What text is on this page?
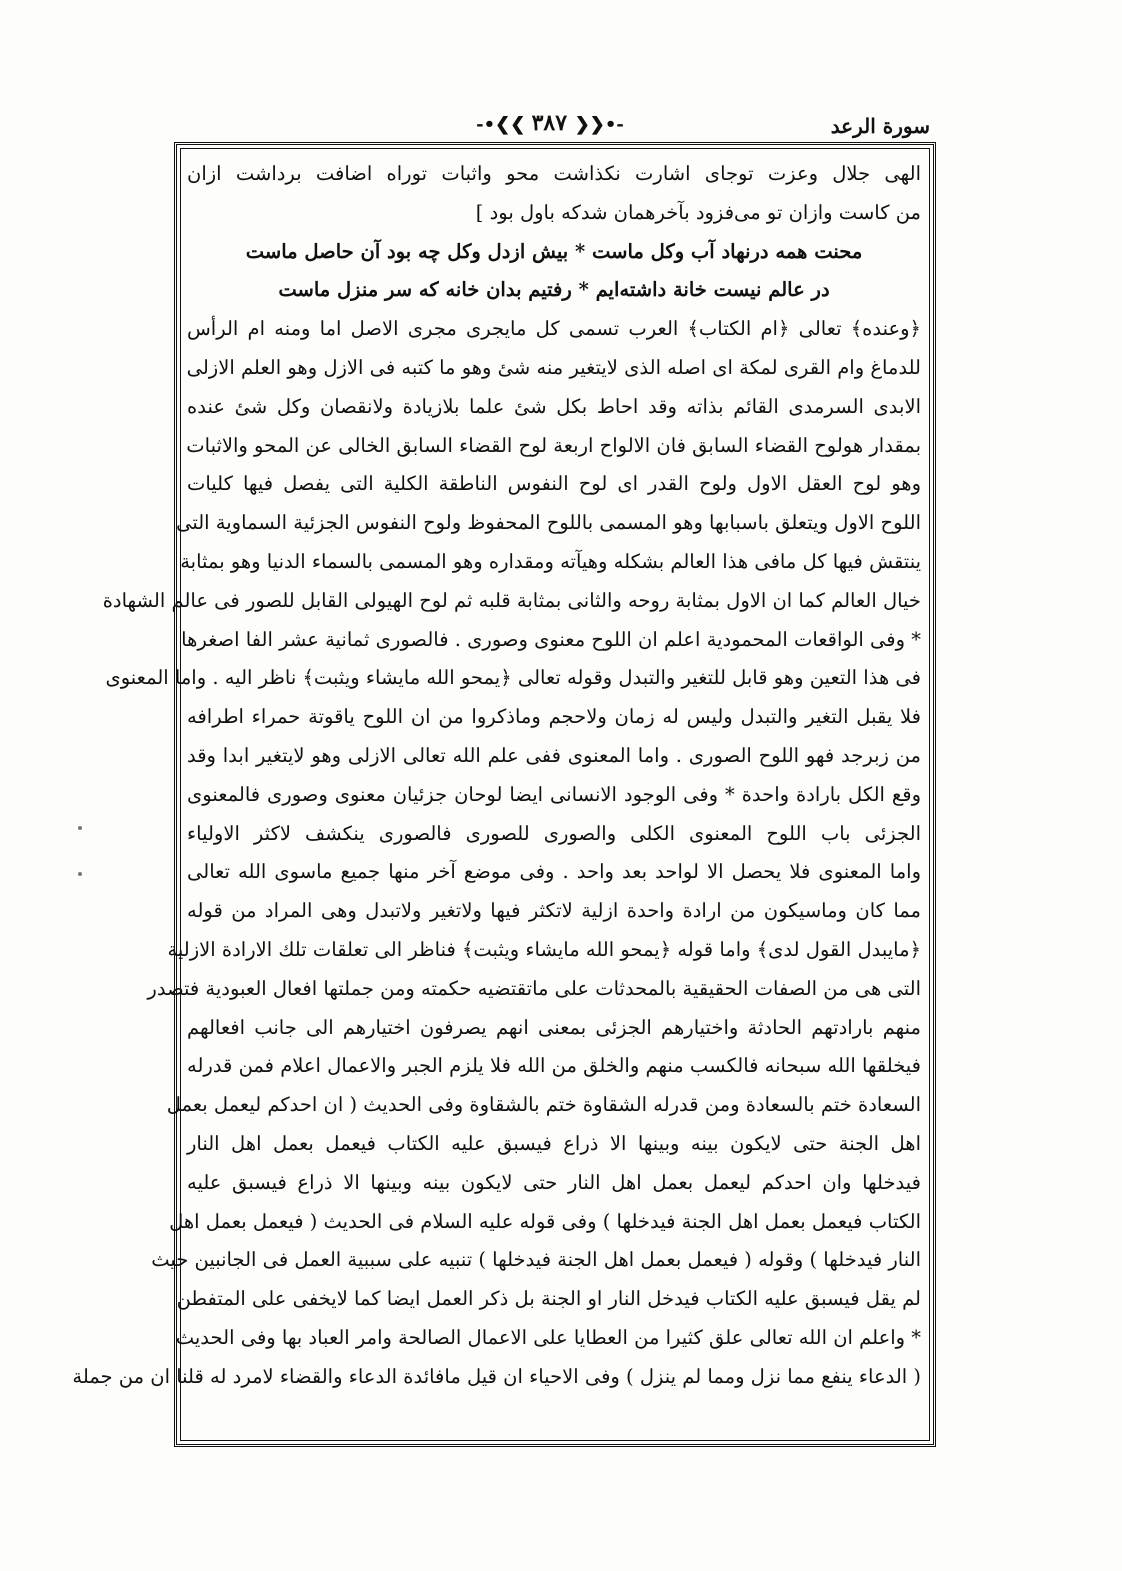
سورة الرعد
-•❮❮ ٣٨٧ ❯❯•-
الهى جلال وعزت توجاى اشارت نكذاشت محو واثبات توراه اضافت برداشت ازان
من كاست وازان تو مى‌فزود بآخرهمان شدكه باول بود ]
محنت همه درنهاد آب وكل ماست * بيش ازدل وكل چه بود آن حاصل ماست
در عالم نيست خانة داشته‌ايم * رفتيم بدان خانه كه سر منزل ماست
﴿وعنده﴾ تعالى ﴿ام الكتاب﴾ العرب تسمى كل مايجرى مجرى الاصل اما ومنه ام الرأس
للدماغ وام القرى لمكة اى اصله الذى لايتغير منه شئ وهو ما كتبه فى الازل وهو العلم الازلى
الابدى السرمدى القائم بذاته وقد احاط بكل شئ علما بلازيادة ولانقصان وكل شئ عنده
بمقدار هولوح القضاء السابق فان الالواح اربعة لوح القضاء السابق الخالى عن المحو والاثبات
وهو لوح العقل الاول ولوح القدر اى لوح النفوس الناطقة الكلية التى يفصل فيها كليات
اللوح الاول ويتعلق باسبابها وهو المسمى باللوح المحفوظ ولوح النفوس الجزئية السماوية التى
ينتقش فيها كل مافى هذا العالم بشكله وهيآته ومقداره وهو المسمى بالسماء الدنيا وهو بمثابة
خيال العالم كما ان الاول بمثابة روحه والثانى بمثابة قلبه ثم لوح الهيولى القابل للصور فى عالم الشهادة
* وفى الواقعات المحمودية اعلم ان اللوح معنوى وصورى . فالصورى ثمانية عشر الفا اصغرها
فى هذا التعين وهو قابل للتغير والتبدل وقوله تعالى ﴿يمحو الله مايشاء ويثبت﴾ ناظر اليه . واما المعنوى
فلا يقبل التغير والتبدل وليس له زمان ولاحجم وماذكروا من ان اللوح ياقوتة حمراء اطرافه
من زبرجد فهو اللوح الصورى . واما المعنوى ففى علم الله تعالى الازلى وهو لايتغير ابدا وقد
وقع الكل بارادة واحدة * وفى الوجود الانسانى ايضا لوحان جزئيان معنوى وصورى فالمعنوى
الجزئى باب اللوح المعنوى الكلى والصورى للصورى فالصورى ينكشف لاكثر الاولياء
واما المعنوى فلا يحصل الا لواحد بعد واحد . وفى موضع آخر منها جميع ماسوى الله تعالى
مما كان وماسيكون من ارادة واحدة ازلية لاتكثر فيها ولاتغير ولاتبدل وهى المراد من قوله
﴿مايبدل القول لدى﴾ واما قوله ﴿يمحو الله مايشاء ويثبت﴾ فناظر الى تعلقات تلك الارادة الازلية
التى هى من الصفات الحقيقية بالمحدثات على ماتقتضيه حكمته ومن جملتها افعال العبودية فتصدر
منهم بارادتهم الحادثة واختيارهم الجزئى بمعنى انهم يصرفون اختيارهم الى جانب افعالهم
فيخلقها الله سبحانه فالكسب منهم والخلق من الله فلا يلزم الجبر والاعمال اعلام فمن قدرله
السعادة ختم بالسعادة ومن قدرله الشقاوة ختم بالشقاوة وفى الحديث ( ان احدكم ليعمل بعمل
اهل الجنة حتى لايكون بينه وبينها الا ذراع فيسبق عليه الكتاب فيعمل بعمل اهل النار
فيدخلها وان احدكم ليعمل بعمل اهل النار حتى لايكون بينه وبينها الا ذراع فيسبق عليه
الكتاب فيعمل بعمل اهل الجنة فيدخلها ) وفى قوله عليه السلام فى الحديث ( فيعمل بعمل اهل
النار فيدخلها ) وقوله ( فيعمل بعمل اهل الجنة فيدخلها ) تنبيه على سببية العمل فى الجانبين حيث
لم يقل فيسبق عليه الكتاب فيدخل النار او الجنة بل ذكر العمل ايضا كما لايخفى على المتفطن
* واعلم ان الله تعالى علق كثيرا من العطايا على الاعمال الصالحة وامر العباد بها وفى الحديث
( الدعاء ينفع مما نزل ومما لم ينزل ) وفى الاحياء ان قيل مافائدة الدعاء والقضاء لامرد له قلنا ان من جملة
